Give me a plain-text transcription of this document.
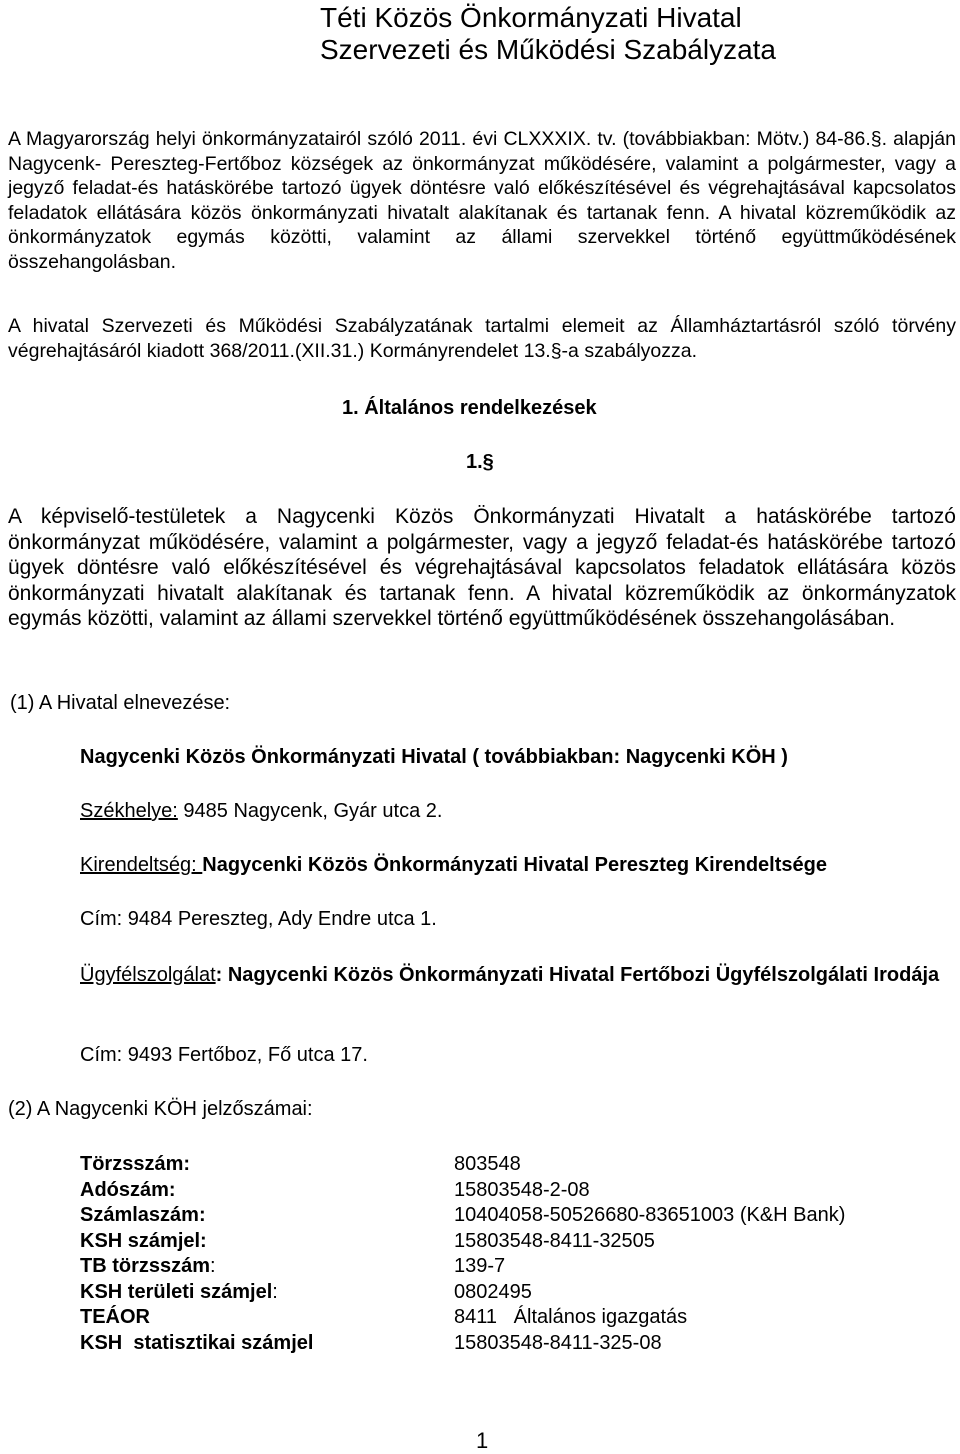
Téti Közös Önkormányzati Hivatal
Szervezeti és Működési Szabályzata

A Magyarország helyi önkormányzatairól szóló 2011. évi CLXXXIX. tv. (továbbiakban: Mötv.) 84-86.§. alapján Nagycenk- Pereszteg-Fertőboz községek az önkormányzat működésére, valamint a polgármester, vagy a jegyző feladat-és hatáskörébe tartozó ügyek döntésre való előkészítésével és végrehajtásával kapcsolatos feladatok ellátására közös önkormányzati hivatalt alakítanak és tartanak fenn. A hivatal közreműködik az önkormányzatok egymás közötti, valamint az állami szervekkel történő együttműködésének összehangolásban.

A hivatal Szervezeti és Működési Szabályzatának tartalmi elemeit az Államháztartásról szóló törvény végrehajtásáról kiadott 368/2011.(XII.31.) Kormányrendelet 13.§-a szabályozza.

1. Általános rendelkezések
1.§

A képviselő-testületek a Nagycenki Közös Önkormányzati Hivatalt a hatáskörébe tartozó önkormányzat működésére, valamint a polgármester, vagy a jegyző feladat-és hatáskörébe tartozó ügyek döntésre való előkészítésével és végrehajtásával kapcsolatos feladatok ellátására közös önkormányzati hivatalt alakítanak és tartanak fenn. A hivatal közreműködik az önkormányzatok egymás közötti, valamint az állami szervekkel történő együttműködésének összehangolásában.

(1) A Hivatal elnevezése:

Nagycenki Közös Önkormányzati Hivatal ( továbbiakban: Nagycenki KÖH )

Székhelye: 9485 Nagycenk, Gyár utca 2.

Kirendeltség: Nagycenki Közös Önkormányzati Hivatal Pereszteg Kirendeltsége

Cím: 9484 Pereszteg, Ady Endre utca 1.

Ügyfélszolgálat: Nagycenki Közös Önkormányzati Hivatal Fertőbozi Ügyfélszolgálati Irodája

Cím: 9493 Fertőboz, Fő utca 17.

(2) A Nagycenki KÖH jelzőszámai:

Törzsszám:	803548
Adószám:	15803548-2-08
Számlaszám:	10404058-50526680-83651003 (K&H Bank)
KSH számjel:	15803548-8411-32505
TB törzsszám:	139-7
KSH területi számjel:	0802495
TEÁOR	8411   Általános igazgatás
KSH  statisztikai számjel	15803548-8411-325-08
1
